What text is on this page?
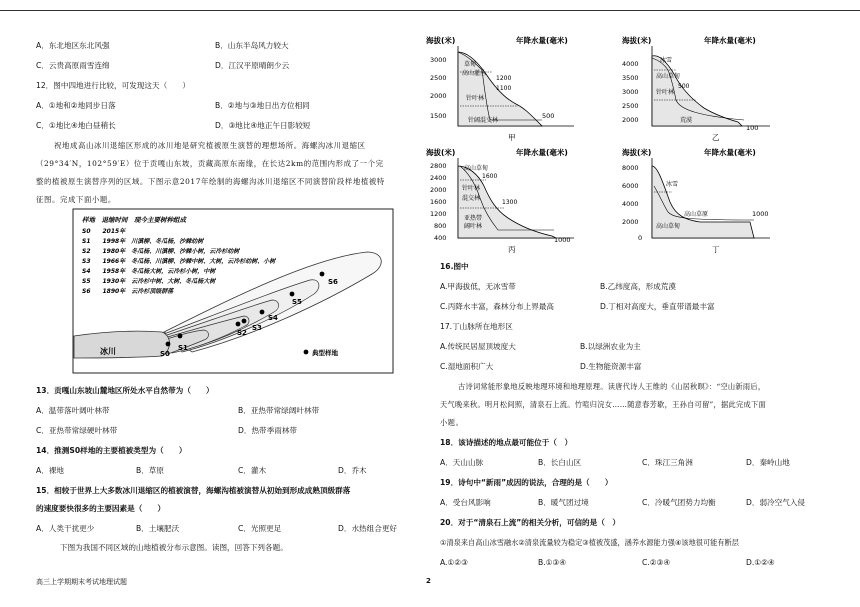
A．东北地区东北风强	B．山东半岛风力较大
C．云贵高原雨雪连绵	D．江汉平原晴朗少云
12．图中四地进行比较，可发现这天（　　）
A．①地和②地同步日落	B．②地与③地日出方位相同
C．①地比④地白昼稍长	D．③地比④地正午日影较短
祝地成高山冰川退缩区形成的冰川地是研究植被原生演替的理想场所。海螺沟冰川退缩区
（29°34′N，102°59′E）位于贡嘎山东坡，贡藏高原东南缘，在长达2km的范围内形成了一个完
整的植被原生演替序列的区域。下图示意2017年绘制的海螺沟冰川退缩区不同演替阶段样地植被特
征图。完成下面小题。
冰川
样地　退缩时间　现今主要树种组成
S0　　2015年
S1　　1998年　川滇柳、冬瓜杨，沙棘幼树
S2　　1980年　冬瓜杨、川滇柳、沙棘小树，云冷杉幼树
S3　　1966年　冬瓜杨、川滇柳、沙棘中树、大树，云冷杉幼树、小树
S4　　1958年　冬瓜杨大树，云冷杉小树，中树
S5　　1930年　云冷杉中树、大树、冬瓜杨大树
S6　　1890年　云冷杉顶级群落
S0
S1
S2
S3
S4
S5
S6
典型样地
13．贡嘎山东坡山麓地区所处水平自然带为（　　）
A．温带落叶阔叶林带	B．亚热带常绿阔叶林带
C．亚热带常绿硬叶林带	D．热带季雨林带
14．推测S0样地的主要植被类型为（　　）
A．裸地	B．草原	C．灌木	D．乔木
15．相较于世界上大多数冰川退缩区的植被演替，海螺沟植被演替从初始到形成成熟顶级群落
的速度要快很多的主要因素是（　　）
A．人类干扰更少	B．土壤肥沃	C．光照更足	D．水热组合更好
下图为我国不同区域的山地植被分布示意图。读图，回答下列各题。
海拔(米)	年降水量(毫米)
3000
2500
2000
1500
草甸
高山灌丛
1200
1100
针叶林
针阔混交林
500
甲
海拔(米)	年降水量(毫米)
4000
3500
3000
2500
2000
冰雪
高山草甸
500
针叶林
荒漠
100
乙
海拔(米)	年降水量(毫米)
2800
2400
2000
1600
1200
800
400
高山草甸
1600
针叶林
混交林
1300
亚热带
阔叶林
1000
丙
海拔(米)	年降水量(毫米)
8000
6000
4000
2000
0
冰雪
高山草甸
高山草原	1000
丁
16.图中
A.甲海拔低，无冰雪带	B.乙纬度高，形成荒漠
C.丙降水丰富，森林分布上界最高	D.丁相对高度大，垂直带谱最丰富
17.丁山脉所在地形区
A.传统民居屋顶坡度大	B.以绿洲农业为主
C.湿地面积广大	D.生物能资源丰富
古诗词常能形象地反映地理环境和地理原理。读唐代诗人王维的《山居秋暝》：“空山新雨后，
天气晚来秋。明月松间照，清泉石上流。竹喧归浣女……随意春芳歇，王孙自可留”，据此完成下面
小题。
18．该诗描述的地点最可能位于（　）
A．天山山脉	B．长白山区	C．珠江三角洲	D．秦岭山地
19．诗句中“新雨”成因的说法，合理的是（　　）
A．受台风影响	B．暖气团过境	C．冷暖气团势力均衡	D．弱冷空气入侵
20．对于“清泉石上流”的相关分析，可信的是（　）
①清泉来自高山冰雪融水②清泉流量较为稳定③植被茂盛，涵养水源能力强④该地很可能有断层
A.①②③	B.①③④	C.②③④	D.①②④
高三上学期期末考试地理试题	2
